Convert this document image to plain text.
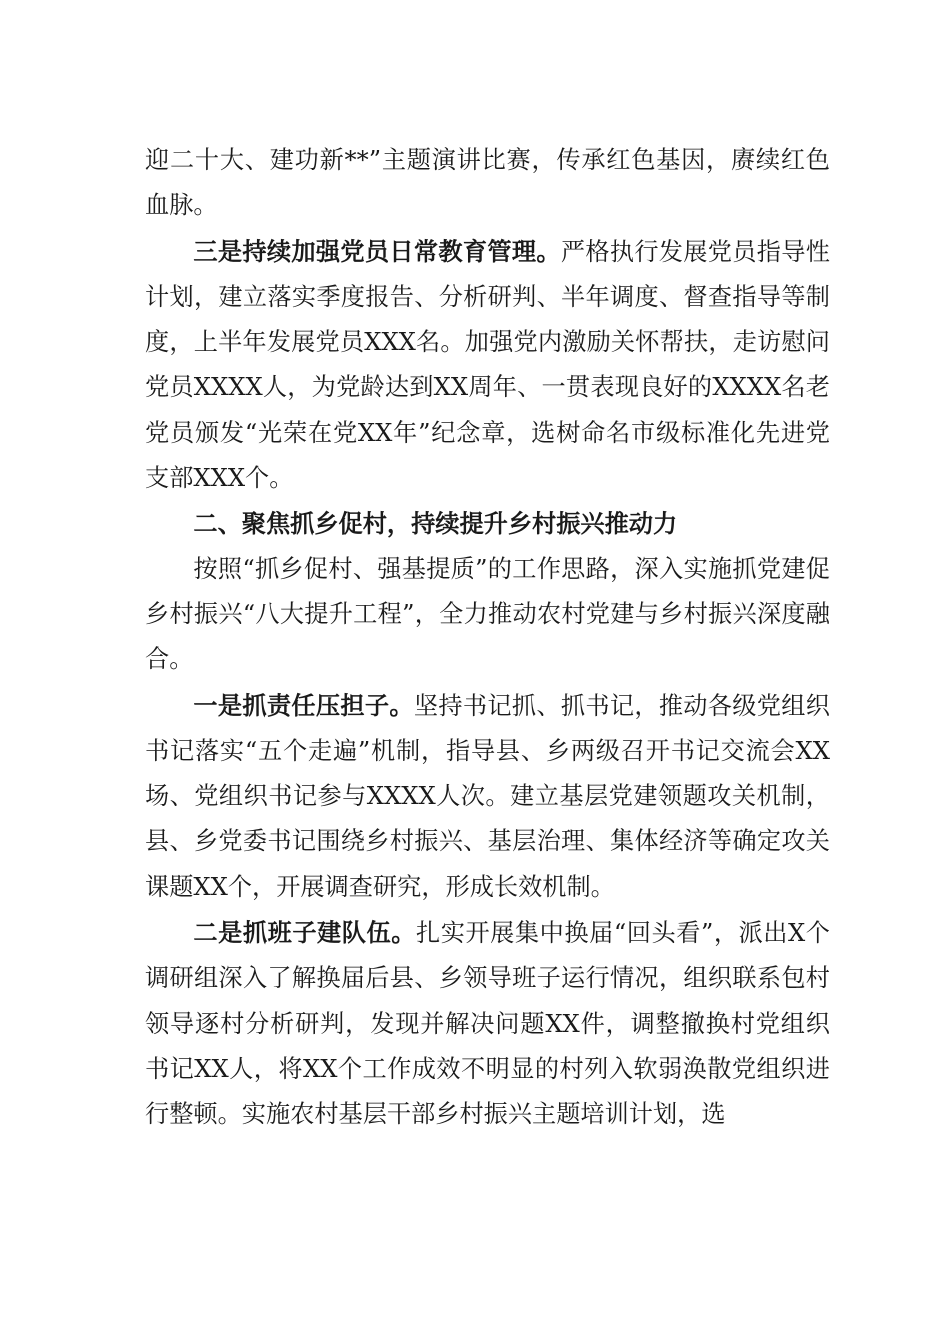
迎二十大、建功新**”主题演讲比赛，传承红色基因，赓续红色血脉。

三是持续加强党员日常教育管理。严格执行发展党员指导性计划，建立落实季度报告、分析研判、半年调度、督查指导等制度，上半年发展党员XXX名。加强党内激励关怀帮扶，走访慰问党员XXXX人，为党龄达到XX周年、一贯表现良好的XXXX名老党员颁发“光荣在党XX年”纪念章，选树命名市级标准化先进党支部XXX个。

二、聚焦抓乡促村，持续提升乡村振兴推动力

按照“抓乡促村、强基提质”的工作思路，深入实施抓党建促乡村振兴“八大提升工程”，全力推动农村党建与乡村振兴深度融合。

一是抓责任压担子。坚持书记抓、抓书记，推动各级党组织书记落实“五个走遍”机制，指导县、乡两级召开书记交流会XX场、党组织书记参与XXXX人次。建立基层党建领题攻关机制，县、乡党委书记围绕乡村振兴、基层治理、集体经济等确定攻关课题XX个，开展调查研究，形成长效机制。

二是抓班子建队伍。扎实开展集中换届“回头看”，派出X个调研组深入了解换届后县、乡领导班子运行情况，组织联系包村领导逐村分析研判，发现并解决问题XX件，调整撤换村党组织书记XX人，将XX个工作成效不明显的村列入软弱涣散党组织进行整顿。实施农村基层干部乡村振兴主题培训计划，选
